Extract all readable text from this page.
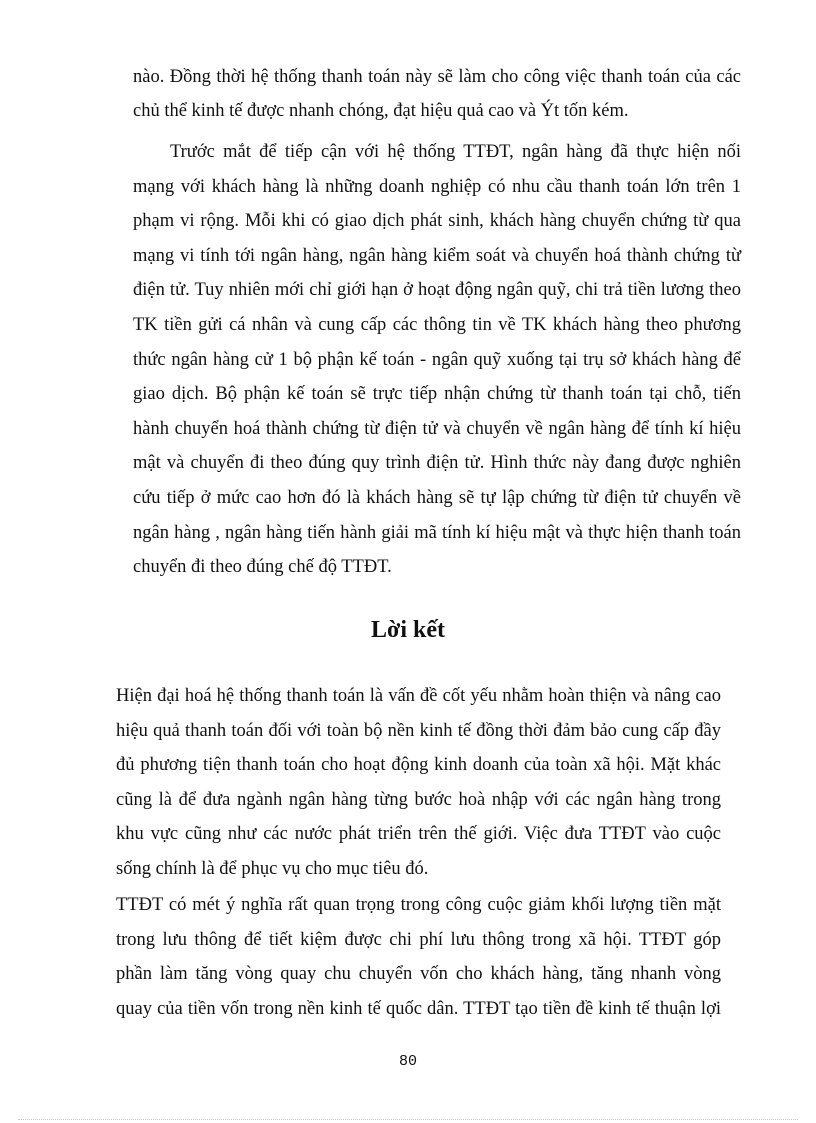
nào. Đồng thời hệ thống thanh toán này sẽ làm cho công việc thanh toán của các
chủ thể kinh tế được nhanh chóng, đạt hiệu quả cao và Ýt tốn kém.
Trước mắt để tiếp cận với hệ thống TTĐT, ngân hàng đã thực hiện nối
mạng với khách hàng là những doanh nghiệp có nhu cầu thanh toán lớn trên 1
phạm vi rộng. Mỗi khi có giao dịch phát sinh, khách hàng chuyển chứng từ qua
mạng vi tính tới ngân hàng, ngân hàng kiểm soát và chuyển hoá thành chứng từ
điện tử. Tuy nhiên mới chỉ giới hạn ở hoạt động ngân quỹ, chi trả tiền lương theo
TK tiền gửi cá nhân và cung cấp các thông tin về TK khách hàng theo phương
thức ngân hàng cử 1 bộ phận kế toán - ngân quỹ xuống tại trụ sở khách hàng để
giao dịch. Bộ phận kế toán sẽ trực tiếp nhận chứng từ thanh toán tại chỗ, tiến
hành chuyển hoá thành chứng từ điện tử và chuyển về ngân hàng để tính kí hiệu
mật và chuyển đi theo đúng quy trình điện tử. Hình thức này đang được nghiên
cứu tiếp ở mức cao hơn đó là khách hàng sẽ tự lập chứng từ điện tử chuyển về
ngân hàng , ngân hàng tiến hành giải mã tính kí hiệu mật và thực hiện thanh toán
chuyển đi theo đúng chế độ TTĐT.
Lời kết
Hiện đại hoá hệ thống thanh toán là vấn đề cốt yếu nhằm hoàn thiện và nâng cao
hiệu quả thanh toán đối với toàn bộ nền kinh tế đồng thời đảm bảo cung cấp đầy
đủ phương tiện thanh toán cho hoạt động kinh doanh của toàn xã hội. Mặt khác
cũng là để đưa ngành ngân hàng từng bước hoà nhập với các ngân hàng trong
khu vực cũng như các nước phát triển trên thế giới. Việc đưa TTĐT vào cuộc
sống chính là để phục vụ cho mục tiêu đó.
TTĐT có mét ý nghĩa rất quan trọng trong công cuộc giảm khối lượng tiền mặt
trong lưu thông để tiết kiệm được chi phí lưu thông trong xã hội. TTĐT góp
phần làm tăng vòng quay chu chuyển vốn cho khách hàng, tăng nhanh vòng
quay của tiền vốn trong nền kinh tế quốc dân. TTĐT tạo tiền đề kinh tế thuận lợi
80
